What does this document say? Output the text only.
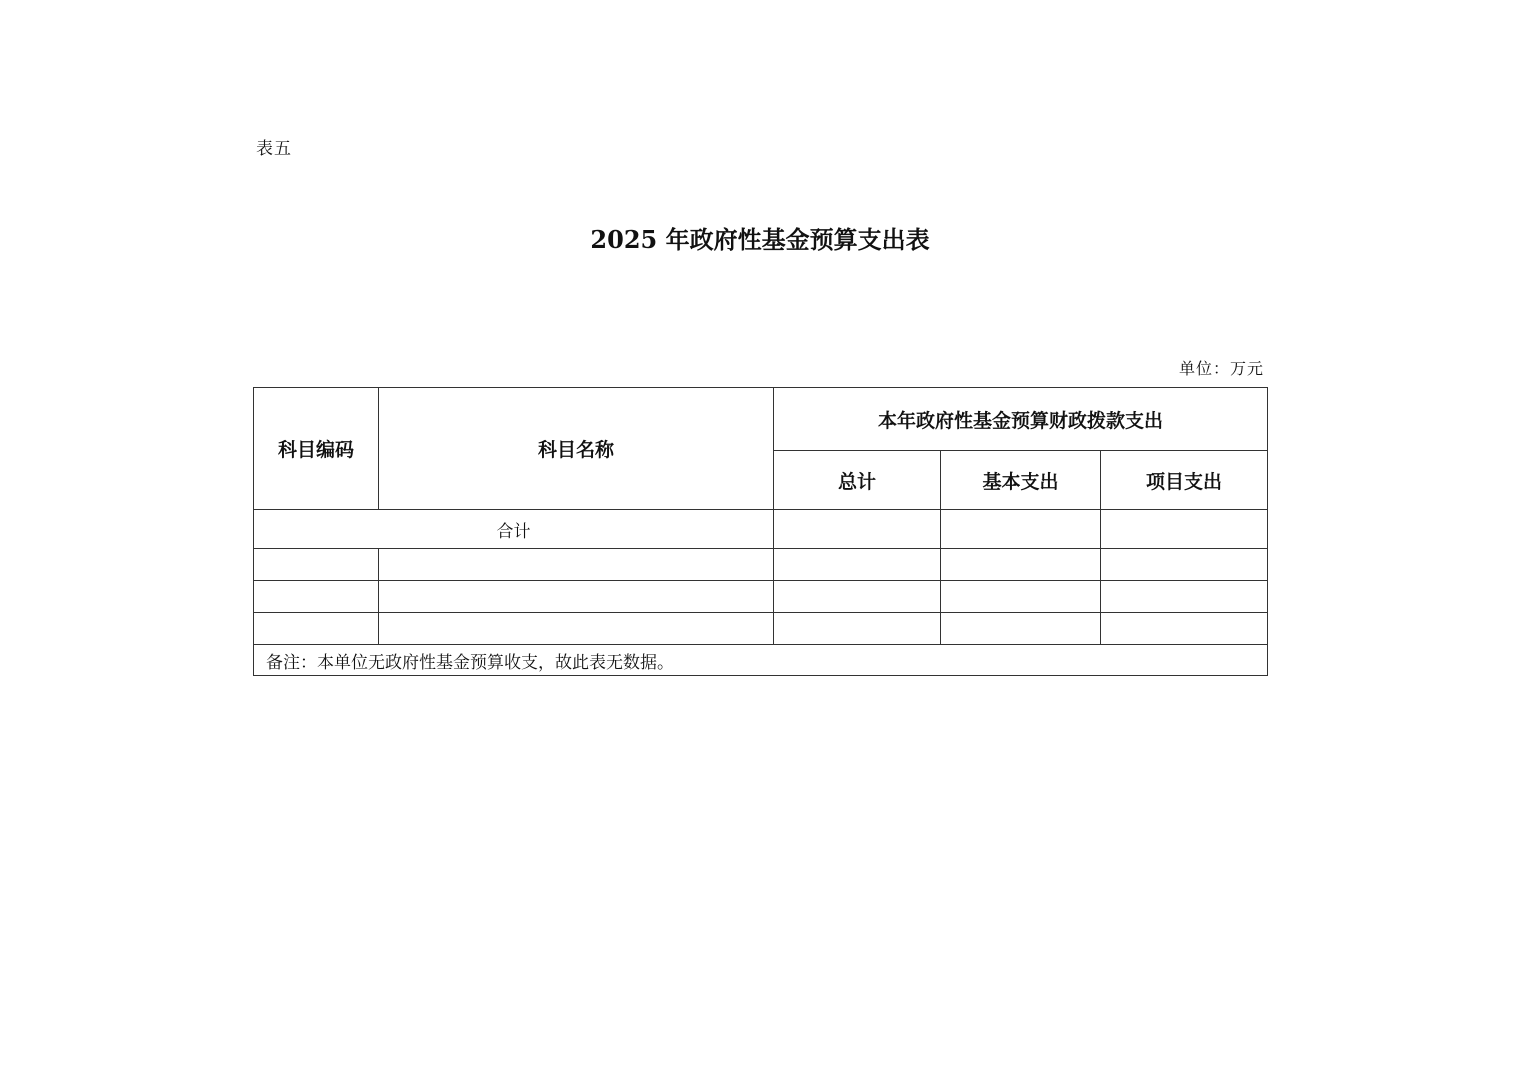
表五
2025 年政府性基金预算支出表
单位：万元
科目编码	科目名称	本年政府性基金预算财政拨款支出		
		总计	基本支出	项目支出
合计				

备注：本单位无政府性基金预算收支，故此表无数据。				
